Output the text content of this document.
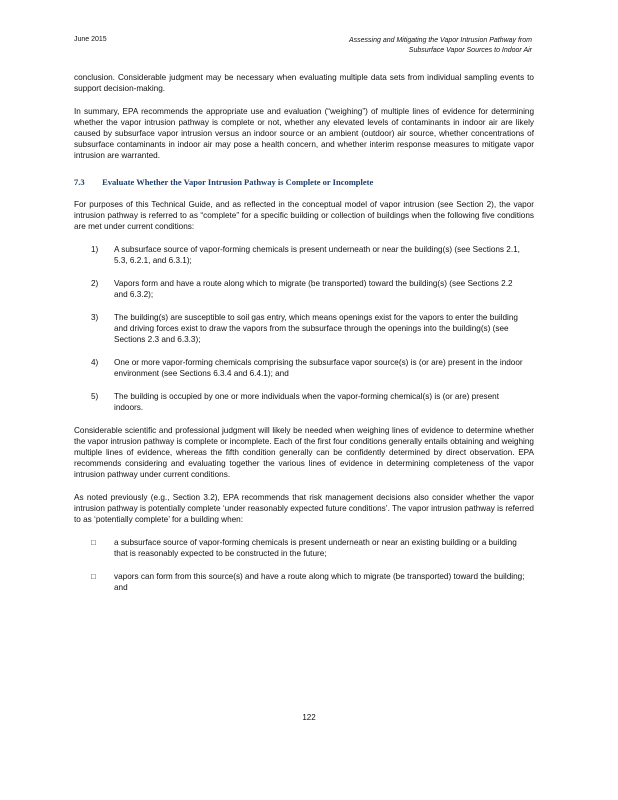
June 2015	Assessing and Mitigating the Vapor Intrusion Pathway from
Subsurface Vapor Sources to Indoor Air

conclusion. Considerable judgment may be necessary when evaluating multiple data sets from individual sampling events to support decision-making.

In summary, EPA recommends the appropriate use and evaluation (“weighing”) of multiple lines of evidence for determining whether the vapor intrusion pathway is complete or not, whether any elevated levels of contaminants in indoor air are likely caused by subsurface vapor intrusion versus an indoor source or an ambient (outdoor) air source, whether concentrations of subsurface contaminants in indoor air may pose a health concern, and whether interim response measures to mitigate vapor intrusion are warranted.

7.3 Evaluate Whether the Vapor Intrusion Pathway is Complete or Incomplete

For purposes of this Technical Guide, and as reflected in the conceptual model of vapor intrusion (see Section 2), the vapor intrusion pathway is referred to as “complete” for a specific building or collection of buildings when the following five conditions are met under current conditions:

1) A subsurface source of vapor-forming chemicals is present underneath or near the building(s) (see Sections 2.1, 5.3, 6.2.1, and 6.3.1);
2) Vapors form and have a route along which to migrate (be transported) toward the building(s) (see Sections 2.2 and 6.3.2);
3) The building(s) are susceptible to soil gas entry, which means openings exist for the vapors to enter the building and driving forces exist to draw the vapors from the subsurface through the openings into the building(s) (see Sections 2.3 and 6.3.3);
4) One or more vapor-forming chemicals comprising the subsurface vapor source(s) is (or are) present in the indoor environment (see Sections 6.3.4 and 6.4.1); and
5) The building is occupied by one or more individuals when the vapor-forming chemical(s) is (or are) present indoors.

Considerable scientific and professional judgment will likely be needed when weighing lines of evidence to determine whether the vapor intrusion pathway is complete or incomplete. Each of the first four conditions generally entails obtaining and weighing multiple lines of evidence, whereas the fifth condition generally can be confidently determined by direct observation. EPA recommends considering and evaluating together the various lines of evidence in determining completeness of the vapor intrusion pathway under current conditions.

As noted previously (e.g., Section 3.2), EPA recommends that risk management decisions also consider whether the vapor intrusion pathway is potentially complete ‘under reasonably expected future conditions’. The vapor intrusion pathway is referred to as ‘potentially complete’ for a building when:

□ a subsurface source of vapor-forming chemicals is present underneath or near an existing building or a building that is reasonably expected to be constructed in the future;
□ vapors can form from this source(s) and have a route along which to migrate (be transported) toward the building; and
122
